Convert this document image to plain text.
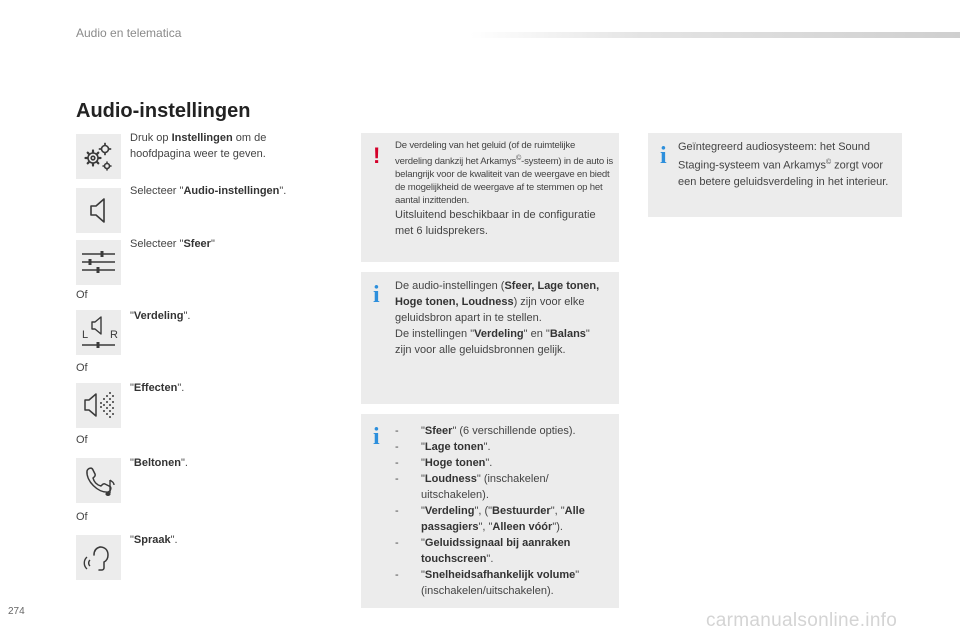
Audio en telematica
Audio-instellingen
Druk op Instellingen om de hoofdpagina weer te geven.
Selecteer "Audio-instellingen".
Selecteer "Sfeer"
Of
L R
"Verdeling".
Of
"Effecten".
Of
"Beltonen".
Of
"Spraak".
! De verdeling van het geluid (of de ruimtelijke verdeling dankzij het Arkamys©-systeem) in de auto is belangrijk voor de kwaliteit van de weergave en biedt de mogelijkheid de weergave af te stemmen op het aantal inzittenden.
Uitsluitend beschikbaar in de configuratie met 6 luidsprekers.
i De audio-instellingen (Sfeer, Lage tonen, Hoge tonen, Loudness) zijn voor elke geluidsbron apart in te stellen.
De instellingen "Verdeling" en "Balans" zijn voor alle geluidsbronnen gelijk.
i
-	"Sfeer" (6 verschillende opties).
- "Lage tonen".
- "Hoge tonen".
- "Loudness" (inschakelen/ uitschakelen).
- "Verdeling", ("Bestuurder", "Alle passagiers", "Alleen vóór").
- "Geluidssignaal bij aanraken touchscreen".
- "Snelheidsafhankelijk volume" (inschakelen/uitschakelen).
i Geïntegreerd audiosysteem: het Sound Staging-systeem van Arkamys© zorgt voor een betere geluidsverdeling in het interieur.
274	carmanualsonline.info
